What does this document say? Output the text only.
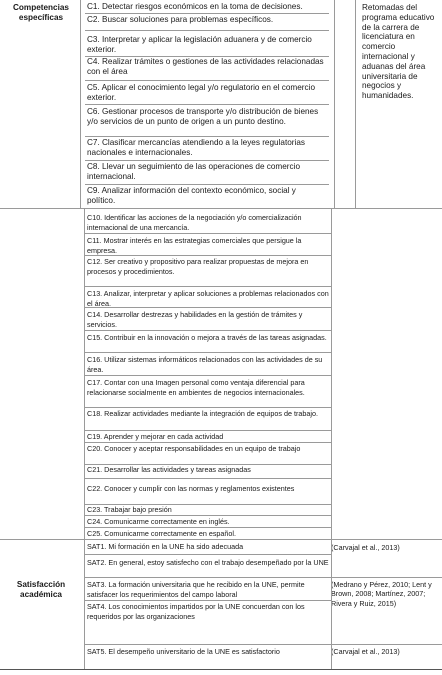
Competencias específicas
Satisfacción académica
C1. Detectar riesgos económicos en la toma de decisiones.
C2. Buscar soluciones para problemas específicos.
C3. Interpretar y aplicar la legislación aduanera y de comercio exterior.
C4. Realizar trámites o gestiones de las actividades relacionadas con el área
C5. Aplicar el conocimiento legal y/o regulatorio en el comercio exterior.
C6. Gestionar procesos de transporte y/o distribución de bienes y/o servicios de un punto de origen a un punto destino.
C7. Clasificar mercancías atendiendo a la leyes regulatorias nacionales e internacionales.
C8. Llevar un seguimiento de las operaciones de comercio internacional.
C9. Analizar información del contexto económico, social y político.
Retomadas del programa educativo de la carrera de licenciatura en comercio internacional y aduanas del área universitaria de negocios y humanidades.
C10. Identificar las acciones de la negociación y/o comercialización internacional de una mercancía.
C11. Mostrar interés en las estrategias comerciales que persigue la empresa.
C12. Ser creativo y propositivo para realizar propuestas de mejora en procesos y procedimientos.
C13. Analizar, interpretar y aplicar soluciones a problemas relacionados con el área.
C14. Desarrollar destrezas y habilidades en la gestión de trámites y servicios.
C15. Contribuir en la innovación o mejora a través de las tareas asignadas.
C16. Utilizar sistemas informáticos relacionados con las actividades de su área.
C17. Contar con una Imagen personal como ventaja diferencial para relacionarse socialmente en ambientes de negocios internacionales.
C18. Realizar actividades mediante la integración de equipos de trabajo.
C19. Aprender y mejorar en cada actividad
C20. Conocer y aceptar responsabilidades en un equipo de trabajo
C21. Desarrollar las actividades y tareas asignadas
C22. Conocer y cumplir con las normas y reglamentos existentes
C23. Trabajar bajo presión
C24. Comunicarme correctamente en inglés.
C25. Comunicarme correctamente en español.
SAT1. Mi formación en la UNE ha sido adecuada
SAT2. En general, estoy satisfecho con el trabajo desempeñado por la UNE
SAT3. La formación universitaria que he recibido en la UNE, permite satisfacer los requerimientos del campo laboral
SAT4. Los conocimientos impartidos por la UNE concuerdan con los requeridos por las organizaciones
SAT5. El desempeño universitario de la UNE es satisfactorio
(Carvajal et al., 2013)
(Medrano y Pérez, 2010; Lent y Brown, 2008; Martínez, 2007; Rivera y Ruiz, 2015)
(Carvajal et al., 2013)
